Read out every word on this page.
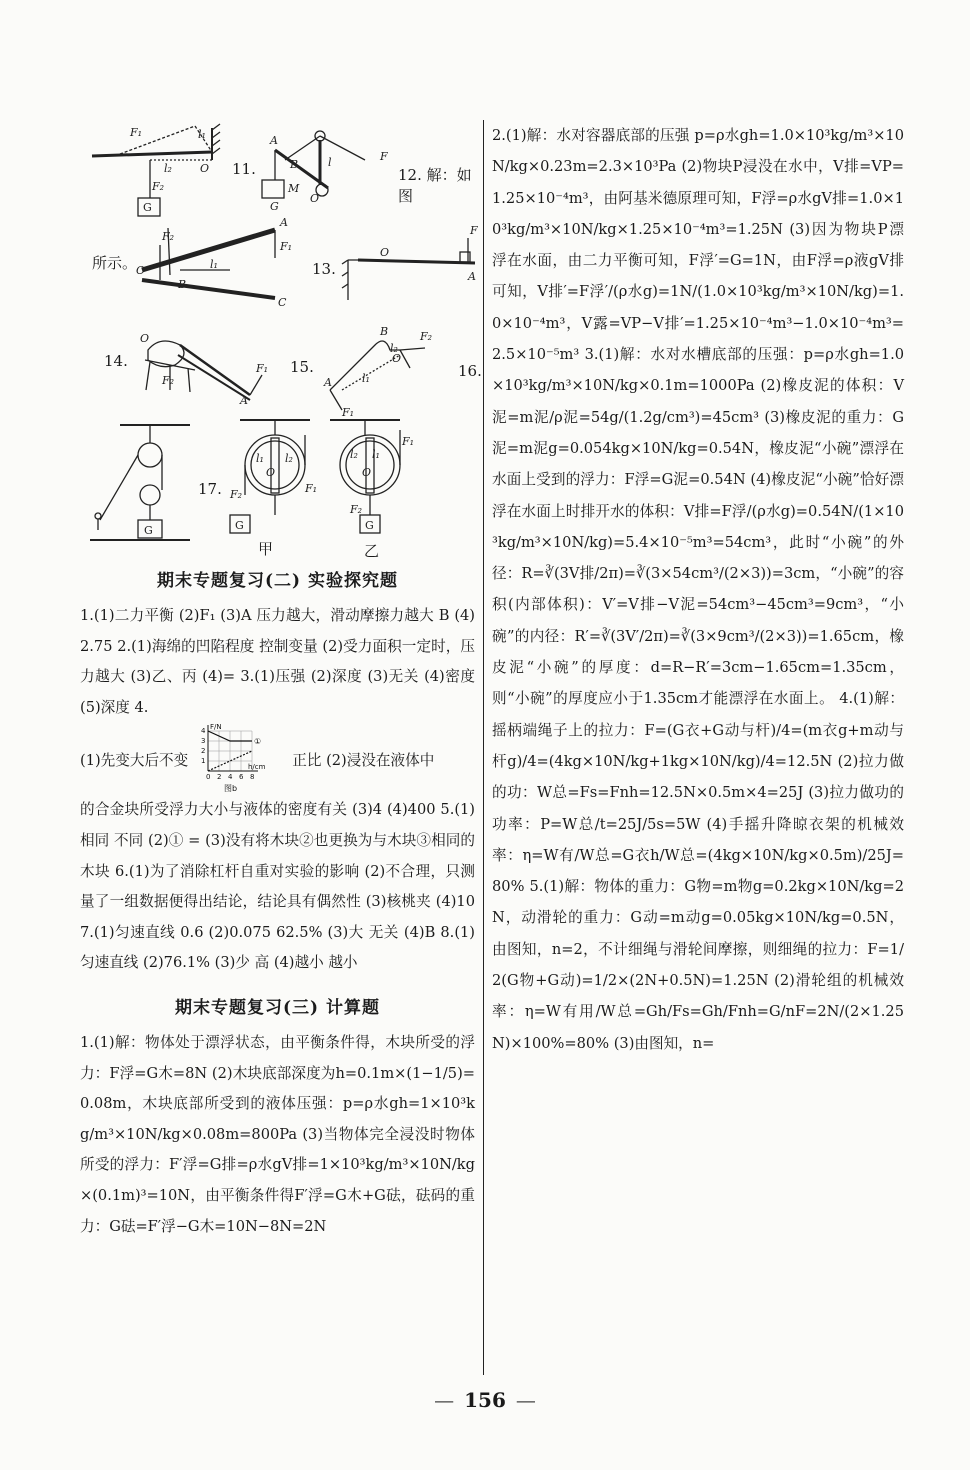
F₁	l₁
l₂
F₂
G
O
A
B
M
G
l	F
O
F₂
A
F₁
O
B
l₁
C
O
F
A
O
F₂
F₁
A
B	F₂
O
l₂
A	l₁
F₁
l₁ l₂
O
F₂	F₁
G
l₂ l₁
O
F₁
F₂
G
G
11.	12. 解：如图
所示。	13.
14.	15.	16.
17.
甲	乙
期末专题复习(二) 实验探究题

1.(1)二力平衡 (2)F₁ (3)A 压力越大，滑动摩擦力越大 B (4)2.75 2.(1)海绵的凹陷程度 控制变量 (2)受力面积一定时，压力越大 (3)乙、丙 (4)= 3.(1)压强 (2)深度 (3)无关 (4)密度 (5)深度 4.

(1)先变大后不变
0 2 4 6 8
1
2
3
4 F/N
h/cm
①
图b
正比 (2)浸没在液体中

的合金块所受浮力大小与液体的密度有关 (3)4 (4)400 5.(1)相同 不同 (2)① = (3)没有将木块②也更换为与木块③相同的木块 6.(1)为了消除杠杆自重对实验的影响 (2)不合理，只测量了一组数据便得出结论，结论具有偶然性 (3)核桃夹 (4)10 7.(1)匀速直线 0.6 (2)0.075 62.5% (3)大 无关 (4)B 8.(1)匀速直线 (2)76.1% (3)少 高 (4)越小 越小

期末专题复习(三) 计算题

1.(1)解：物体处于漂浮状态，由平衡条件得，木块所受的浮力：F浮=G木=8N (2)木块底部深度为h=0.1m×(1−1/5)=0.08m，木块底部所受到的液体压强：p=ρ水gh=1×10³kg/m³×10N/kg×0.08m=800Pa (3)当物体完全浸没时物体所受的浮力：F′浮=G排=ρ水gV排=1×10³kg/m³×10N/kg×(0.1m)³=10N，由平衡条件得F′浮=G木+G砝，砝码的重力：G砝=F′浮−G木=10N−8N=2N

2.(1)解：水对容器底部的压强 p=ρ水gh=1.0×10³kg/m³×10N/kg×0.23m=2.3×10³Pa (2)物块P浸没在水中，V排=VP=1.25×10⁻⁴m³，由阿基米德原理可知，F浮=ρ水gV排=1.0×10³kg/m³×10N/kg×1.25×10⁻⁴m³=1.25N (3)因为物块P漂浮在水面，由二力平衡可知，F浮′=G=1N，由F浮=ρ液gV排可知，V排′=F浮′/(ρ水g)=1N/(1.0×10³kg/m³×10N/kg)=1.0×10⁻⁴m³，V露=VP−V排′=1.25×10⁻⁴m³−1.0×10⁻⁴m³=2.5×10⁻⁵m³ 3.(1)解：水对水槽底部的压强：p=ρ水gh=1.0×10³kg/m³×10N/kg×0.1m=1000Pa (2)橡皮泥的体积：V泥=m泥/ρ泥=54g/(1.2g/cm³)=45cm³ (3)橡皮泥的重力：G泥=m泥g=0.054kg×10N/kg=0.54N，橡皮泥“小碗”漂浮在水面上受到的浮力：F浮=G泥=0.54N (4)橡皮泥“小碗”恰好漂浮在水面上时排开水的体积：V排=F浮/(ρ水g)=0.54N/(1×10³kg/m³×10N/kg)=5.4×10⁻⁵m³=54cm³，此时“小碗”的外径：R=∛(3V排/2π)=∛(3×54cm³/(2×3))=3cm，“小碗”的容积(内部体积)：V′=V排−V泥=54cm³−45cm³=9cm³，“小碗”的内径：R′=∛(3V′/2π)=∛(3×9cm³/(2×3))=1.65cm，橡皮泥“小碗”的厚度：d=R−R′=3cm−1.65cm=1.35cm，则“小碗”的厚度应小于1.35cm才能漂浮在水面上。 4.(1)解：摇柄端绳子上的拉力：F=(G衣+G动与杆)/4=(m衣g+m动与杆g)/4=(4kg×10N/kg+1kg×10N/kg)/4=12.5N (2)拉力做的功：W总=Fs=Fnh=12.5N×0.5m×4=25J (3)拉力做功的功率：P=W总/t=25J/5s=5W (4)手摇升降晾衣架的机械效率：η=W有/W总=G衣h/W总=(4kg×10N/kg×0.5m)/25J=80% 5.(1)解：物体的重力：G物=m物g=0.2kg×10N/kg=2N，动滑轮的重力：G动=m动g=0.05kg×10N/kg=0.5N，由图知，n=2，不计细绳与滑轮间摩擦，则细绳的拉力：F=1/2(G物+G动)=1/2×(2N+0.5N)=1.25N (2)滑轮组的机械效率：η=W有用/W总=Gh/Fs=Gh/Fnh=G/nF=2N/(2×1.25N)×100%=80% (3)由图知，n=

— 156 —
